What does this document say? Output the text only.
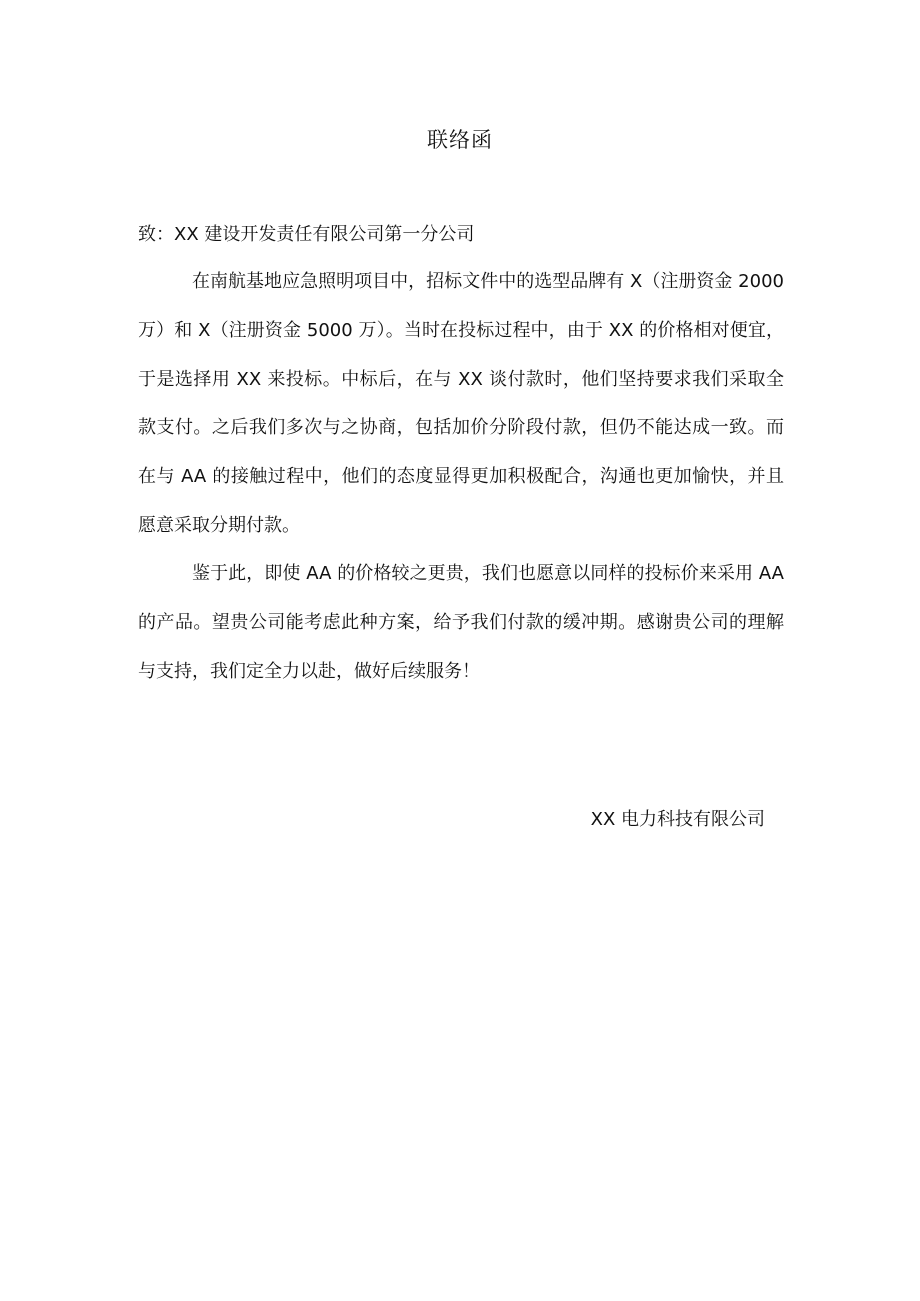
联络函
致：XX 建设开发责任有限公司第一分公司

在南航基地应急照明项目中，招标文件中的选型品牌有 X（注册资金 2000 万）和 X（注册资金 5000 万）。当时在投标过程中，由于 XX 的价格相对便宜，于是选择用 XX 来投标。中标后，在与 XX 谈付款时，他们坚持要求我们采取全款支付。之后我们多次与之协商，包括加价分阶段付款，但仍不能达成一致。而在与 AA 的接触过程中，他们的态度显得更加积极配合，沟通也更加愉快，并且愿意采取分期付款。

鉴于此，即使 AA 的价格较之更贵，我们也愿意以同样的投标价来采用 AA 的产品。望贵公司能考虑此种方案，给予我们付款的缓冲期。感谢贵公司的理解与支持，我们定全力以赴，做好后续服务！

XX 电力科技有限公司
